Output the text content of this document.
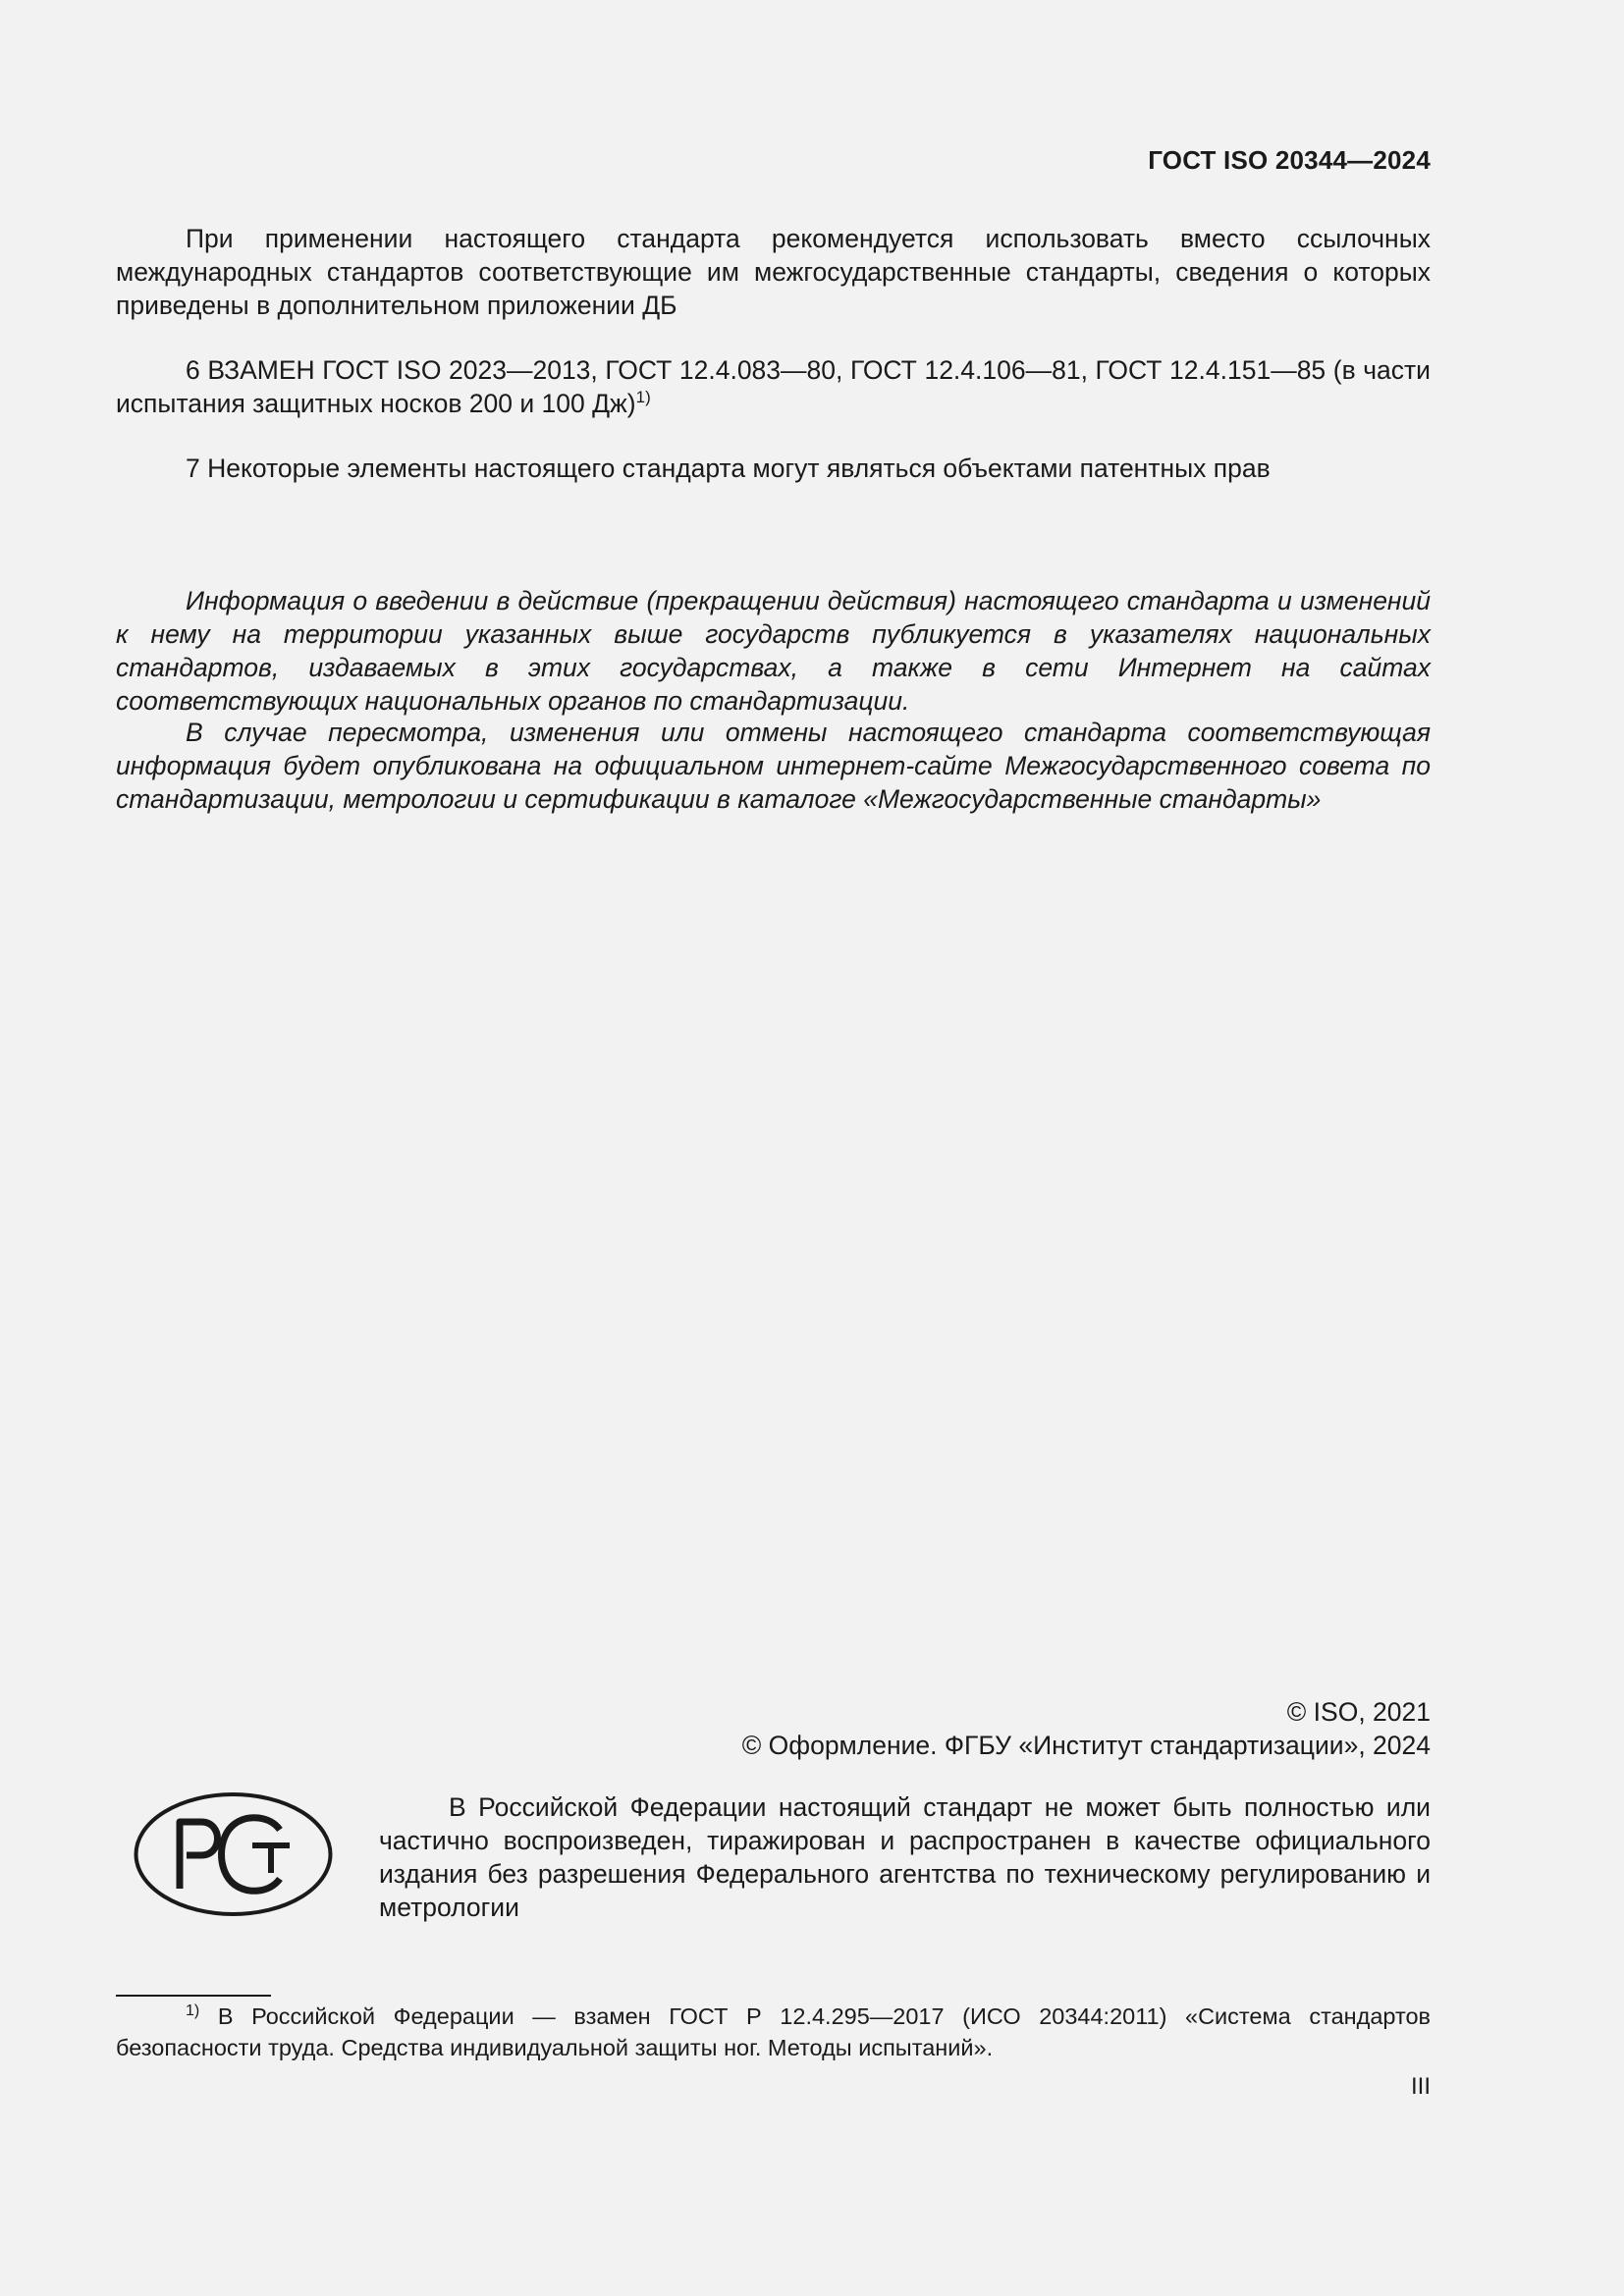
ГОСТ ISO 20344—2024

При применении настоящего стандарта рекомендуется использовать вместо ссылочных международных стандартов соответствующие им межгосударственные стандарты, сведения о которых приведены в дополнительном приложении ДБ

6 ВЗАМЕН ГОСТ ISO 2023—2013, ГОСТ 12.4.083—80, ГОСТ 12.4.106—81, ГОСТ 12.4.151—85 (в части испытания защитных носков 200 и 100 Дж)$^{1)}$

7 Некоторые элементы настоящего стандарта могут являться объектами патентных прав

Информация о введении в действие (прекращении действия) настоящего стандарта и изменений к нему на территории указанных выше государств публикуется в указателях национальных стандартов, издаваемых в этих государствах, а также в сети Интернет на сайтах соответствующих национальных органов по стандартизации.

В случае пересмотра, изменения или отмены настоящего стандарта соответствующая информация будет опубликована на официальном интернет-сайте Межгосударственного совета по стандартизации, метрологии и сертификации в каталоге «Межгосударственные стандарты»

© ISO, 2021
© Оформление. ФГБУ «Институт стандартизации», 2024

В Российской Федерации настоящий стандарт не может быть полностью или частично воспроизведен, тиражирован и распространен в качестве официального издания без разрешения Федерального агентства по техническому регулированию и метрологии

$^{1)}$ В Российской Федерации — взамен ГОСТ Р 12.4.295—2017 (ИСО 20344:2011) «Система стандартов безопасности труда. Средства индивидуальной защиты ног. Методы испытаний».

III
